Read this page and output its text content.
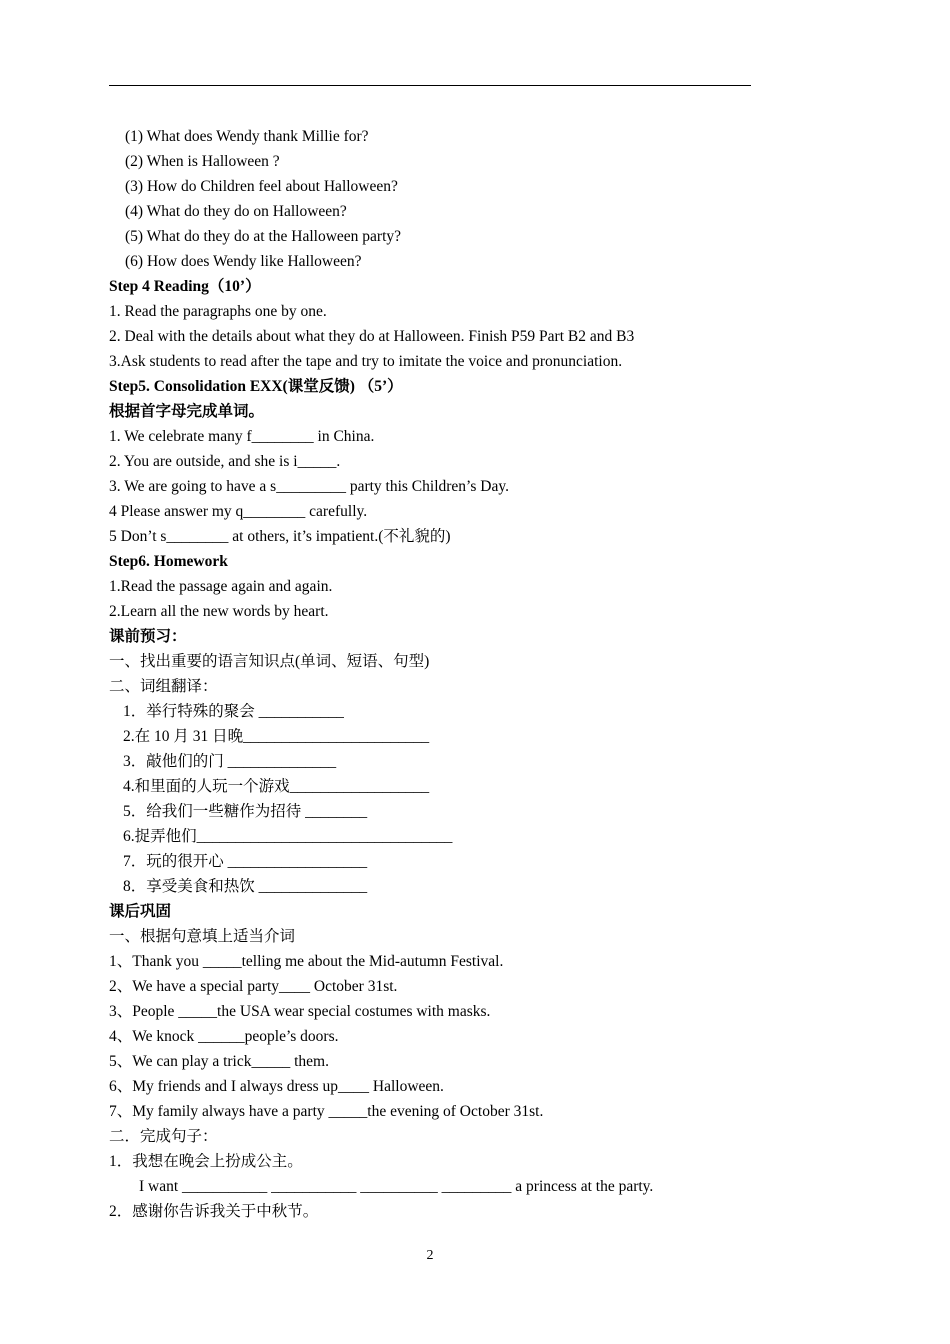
(1) What does Wendy thank Millie for?
(2) When is Halloween ?
(3) How do Children feel about Halloween?
(4) What do they do on Halloween?
(5) What do they do at the Halloween party?
(6) How does Wendy like Halloween?
Step 4 Reading（10’）
1. Read the paragraphs one by one.
2. Deal with the details about what they do at Halloween. Finish P59 Part B2 and B3
3.Ask students to read after the tape and try to imitate the voice and pronunciation.
Step5. Consolidation EXX(课堂反馈) （5’）
根据首字母完成单词。
1. We celebrate many f________ in China.
2. You are outside, and she is i_____.
3. We are going to have a s_________ party this Children’s Day.
4 Please answer my q________ carefully.
5 Don’t s________ at others, it’s impatient.(不礼貌的)
Step6. Homework
1.Read the passage again and again.
2.Learn all the new words by heart.
课前预习：
一、找出重要的语言知识点(单词、短语、句型)
二、词组翻译：
1．举行特殊的聚会 ___________
2.在 10 月 31 日晚________________________
3．敲他们的门 ______________
4.和里面的人玩一个游戏__________________
5．给我们一些糖作为招待 ________
6.捉弄他们_________________________________
7．玩的很开心 __________________
8．享受美食和热饮 ______________
课后巩固
一、根据句意填上适当介词
1、Thank you _____telling me about the Mid-autumn Festival.
2、We have a special party____ October 31st.
3、People _____the USA wear special costumes with masks.
4、We knock ______people’s doors.
5、We can play a trick_____ them.
6、My friends and I always dress up____ Halloween.
7、My family always have a party _____the evening of October 31st.
二．完成句子：
1．我想在晚会上扮成公主。
I want ___________ ___________ __________ _________ a princess at the party.
2．感谢你告诉我关于中秋节。
2
